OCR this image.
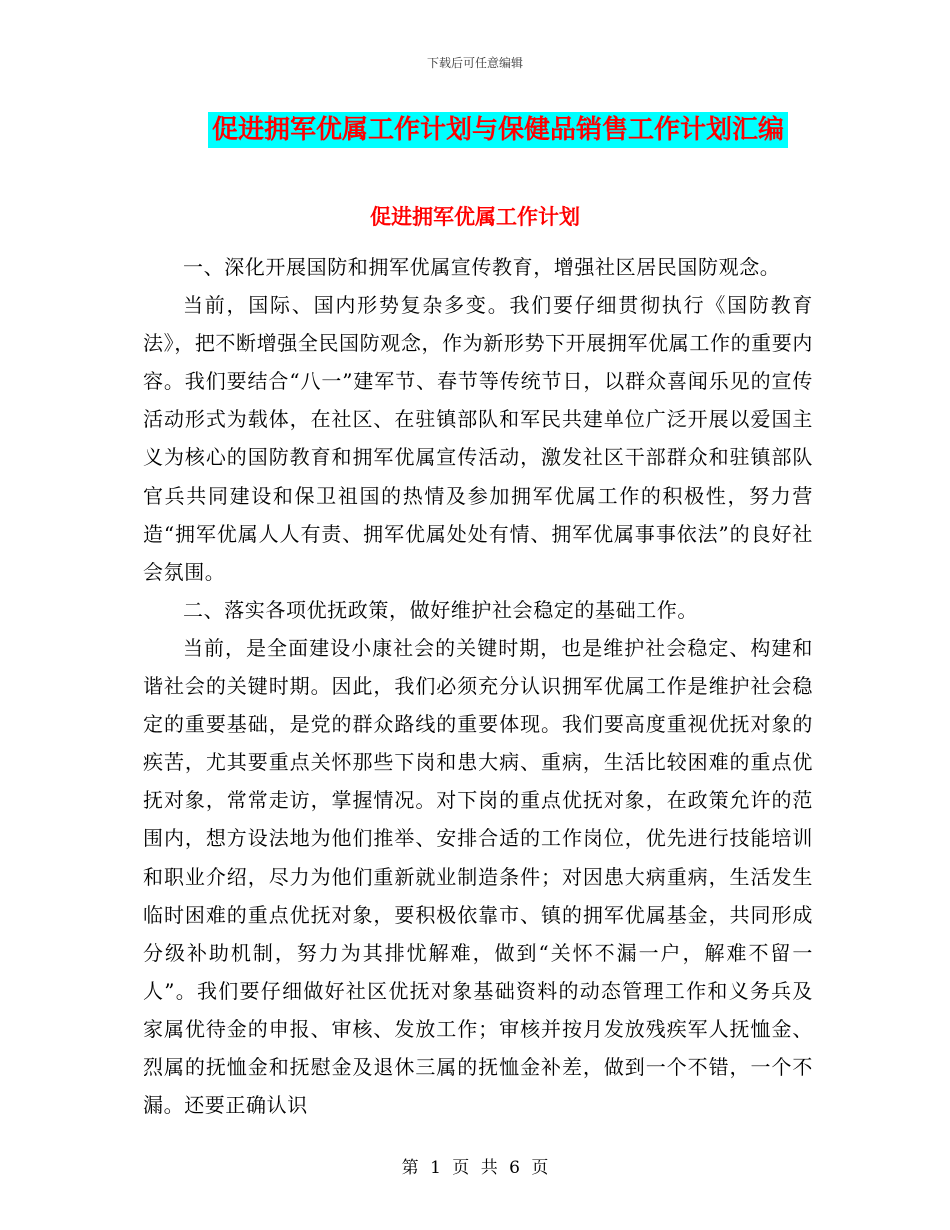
下载后可任意编辑
促进拥军优属工作计划与保健品销售工作计划汇编
促进拥军优属工作计划

一、深化开展国防和拥军优属宣传教育，增强社区居民国防观念。

当前，国际、国内形势复杂多变。我们要仔细贯彻执行《国防教育法》，把不断增强全民国防观念，作为新形势下开展拥军优属工作的重要内容。我们要结合“八一”建军节、春节等传统节日，以群众喜闻乐见的宣传活动形式为载体，在社区、在驻镇部队和军民共建单位广泛开展以爱国主义为核心的国防教育和拥军优属宣传活动，激发社区干部群众和驻镇部队官兵共同建设和保卫祖国的热情及参加拥军优属工作的积极性，努力营造“拥军优属人人有责、拥军优属处处有情、拥军优属事事依法”的良好社会氛围。

二、落实各项优抚政策，做好维护社会稳定的基础工作。

当前，是全面建设小康社会的关键时期，也是维护社会稳定、构建和谐社会的关键时期。因此，我们必须充分认识拥军优属工作是维护社会稳定的重要基础，是党的群众路线的重要体现。我们要高度重视优抚对象的疾苦，尤其要重点关怀那些下岗和患大病、重病，生活比较困难的重点优抚对象，常常走访，掌握情况。对下岗的重点优抚对象，在政策允许的范围内，想方设法地为他们推举、安排合适的工作岗位，优先进行技能培训和职业介绍，尽力为他们重新就业制造条件；对因患大病重病，生活发生临时困难的重点优抚对象，要积极依靠市、镇的拥军优属基金，共同形成分级补助机制，努力为其排忧解难，做到“关怀不漏一户，解难不留一人”。我们要仔细做好社区优抚对象基础资料的动态管理工作和义务兵及家属优待金的申报、审核、发放工作；审核并按月发放残疾军人抚恤金、烈属的抚恤金和抚慰金及退休三属的抚恤金补差，做到一个不错，一个不漏。还要正确认识

第 1 页 共 6 页
